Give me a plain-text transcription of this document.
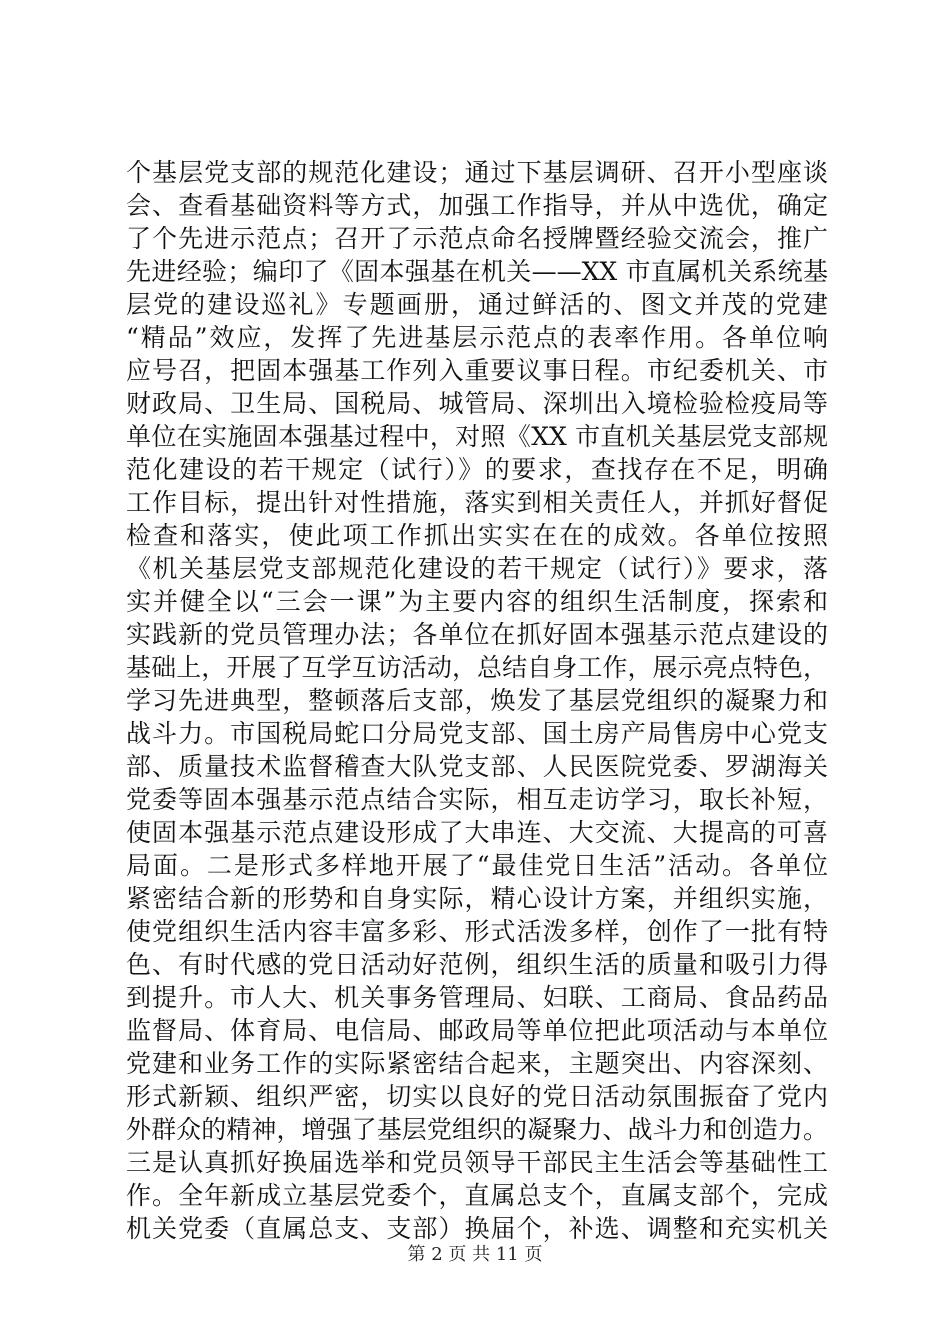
个基层党支部的规范化建设；通过下基层调研、召开小型座谈
会、查看基础资料等方式，加强工作指导，并从中选优，确定
了个先进示范点；召开了示范点命名授牌暨经验交流会，推广
先进经验；编印了《固本强基在机关——XX 市直属机关系统基
层党的建设巡礼》专题画册，通过鲜活的、图文并茂的党建
“精品”效应，发挥了先进基层示范点的表率作用。各单位响
应号召，把固本强基工作列入重要议事日程。市纪委机关、市
财政局、卫生局、国税局、城管局、深圳出入境检验检疫局等
单位在实施固本强基过程中，对照《XX 市直机关基层党支部规
范化建设的若干规定（试行）》的要求，查找存在不足，明确
工作目标，提出针对性措施，落实到相关责任人，并抓好督促
检查和落实，使此项工作抓出实实在在的成效。各单位按照
《机关基层党支部规范化建设的若干规定（试行）》要求，落
实并健全以“三会一课”为主要内容的组织生活制度，探索和
实践新的党员管理办法；各单位在抓好固本强基示范点建设的
基础上，开展了互学互访活动，总结自身工作，展示亮点特色，
学习先进典型，整顿落后支部，焕发了基层党组织的凝聚力和
战斗力。市国税局蛇口分局党支部、国土房产局售房中心党支
部、质量技术监督稽查大队党支部、人民医院党委、罗湖海关
党委等固本强基示范点结合实际，相互走访学习，取长补短，
使固本强基示范点建设形成了大串连、大交流、大提高的可喜
局面。二是形式多样地开展了“最佳党日生活”活动。各单位
紧密结合新的形势和自身实际，精心设计方案，并组织实施，
使党组织生活内容丰富多彩、形式活泼多样，创作了一批有特
色、有时代感的党日活动好范例，组织生活的质量和吸引力得
到提升。市人大、机关事务管理局、妇联、工商局、食品药品
监督局、体育局、电信局、邮政局等单位把此项活动与本单位
党建和业务工作的实际紧密结合起来，主题突出、内容深刻、
形式新颖、组织严密，切实以良好的党日活动氛围振奋了党内
外群众的精神，增强了基层党组织的凝聚力、战斗力和创造力。
三是认真抓好换届选举和党员领导干部民主生活会等基础性工
作。全年新成立基层党委个，直属总支个，直属支部个，完成
机关党委（直属总支、支部）换届个，补选、调整和充实机关
第 2 页 共 11 页
